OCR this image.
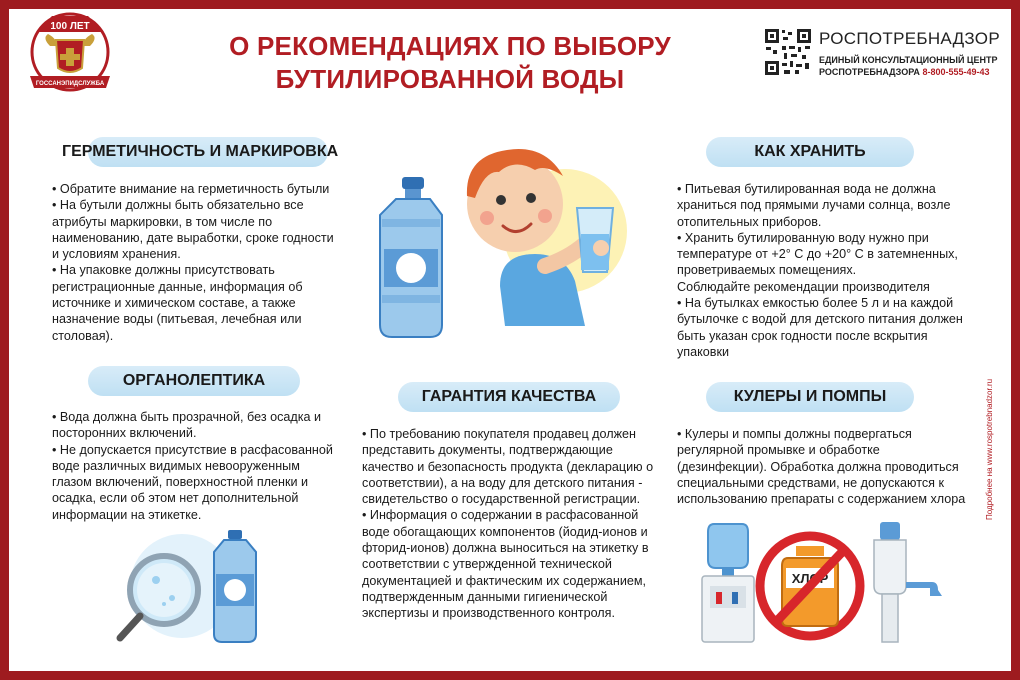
100 ЛЕТ
ГОССАНЭПИДСЛУЖБА
О РЕКОМЕНДАЦИЯХ ПО ВЫБОРУ
БУТИЛИРОВАННОЙ ВОДЫ
РОСПОТРЕБНАДЗОР
ЕДИНЫЙ КОНСУЛЬТАЦИОННЫЙ ЦЕНТР
РОСПОТРЕБНАДЗОРА 8-800-555-49-43
ГЕРМЕТИЧНОСТЬ И МАРКИРОВКА

• Обратите внимание на герметичность бутыли

• На бутыли должны быть обязательно все атрибуты маркировки, в том числе по наименованию, дате выработки, сроке годности и условиям хранения.

• На упаковке должны присутствовать регистрационные данные, информация об источнике и химическом составе, а также назначение воды (питьевая, лечебная или столовая).

КАК ХРАНИТЬ

• Питьевая бутилированная вода не должна храниться под прямыми лучами солнца, возле отопительных приборов.

• Хранить бутилированную воду нужно при температуре от +2° С до +20° С в затемненных, проветриваемых помещениях.

Соблюдайте рекомендации производителя

• На бутылках емкостью более 5 л и на каждой бутылочке с водой для детского питания должен быть указан срок годности после вскрытия упаковки

ОРГАНОЛЕПТИКА

• Вода должна быть прозрачной, без осадка и посторонних включений.

• Не допускается присутствие в расфасованной воде различных видимых невооруженным глазом включений, поверхностной пленки и осадка, если об этом нет дополнительной информации на этикетке.

ГАРАНТИЯ КАЧЕСТВА

• По требованию покупателя продавец должен представить документы, подтверждающие качество и безопасность продукта (декларацию о соответствии), а на воду для детского питания - свидетельство о государственной регистрации.

• Информация о содержании в расфасованной воде обогащающих компонентов (йодид-ионов и фторид-ионов) должна выноситься на этикетку в соответствии с утвержденной технической документацией и фактическим их содержанием, подтвержденным данными гигиенической экспертизы и производственного контроля.

КУЛЕРЫ И ПОМПЫ

• Кулеры и помпы должны подвергаться регулярной промывке и обработке (дезинфекции). Обработка должна проводиться специальными средствами, не допускаются к использованию препараты с содержанием хлора

ХЛОР
Подробнее на www.rospotrebnadzor.ru
